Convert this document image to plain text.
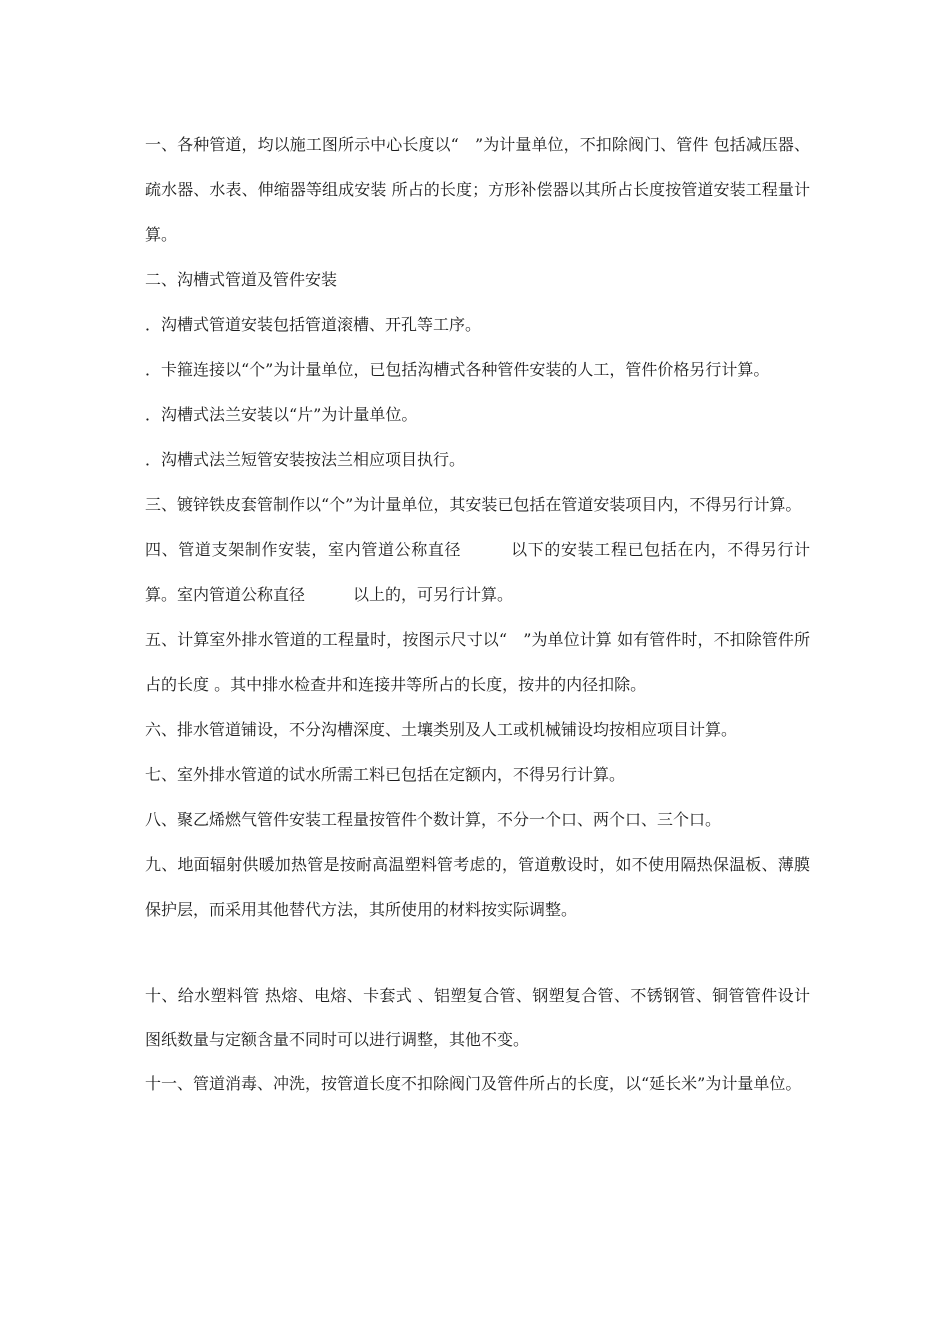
一、各种管道，均以施工图所示中心长度以“　”为计量单位，不扣除阀门、管件 包括减压器、疏水器、水表、伸缩器等组成安装 所占的长度；方形补偿器以其所占长度按管道安装工程量计算。

二、沟槽式管道及管件安装

．沟槽式管道安装包括管道滚槽、开孔等工序。

．卡箍连接以“个”为计量单位，已包括沟槽式各种管件安装的人工，管件价格另行计算。

．沟槽式法兰安装以“片”为计量单位。

．沟槽式法兰短管安装按法兰相应项目执行。

三、镀锌铁皮套管制作以“个”为计量单位，其安装已包括在管道安装项目内，不得另行计算。

四、管道支架制作安装，室内管道公称直径　　　以下的安装工程已包括在内，不得另行计算。室内管道公称直径　　　以上的，可另行计算。

五、计算室外排水管道的工程量时，按图示尺寸以“　”为单位计算 如有管件时，不扣除管件所占的长度 。其中排水检查井和连接井等所占的长度，按井的内径扣除。

六、排水管道铺设，不分沟槽深度、土壤类别及人工或机械铺设均按相应项目计算。

七、室外排水管道的试水所需工料已包括在定额内，不得另行计算。

八、聚乙烯燃气管件安装工程量按管件个数计算，不分一个口、两个口、三个口。

九、地面辐射供暖加热管是按耐高温塑料管考虑的，管道敷设时，如不使用隔热保温板、薄膜保护层，而采用其他替代方法，其所使用的材料按实际调整。

十、给水塑料管 热熔、电熔、卡套式 、铝塑复合管、钢塑复合管、不锈钢管、铜管管件设计图纸数量与定额含量不同时可以进行调整，其他不变。

十一、管道消毒、冲洗，按管道长度不扣除阀门及管件所占的长度，以“延长米”为计量单位。
